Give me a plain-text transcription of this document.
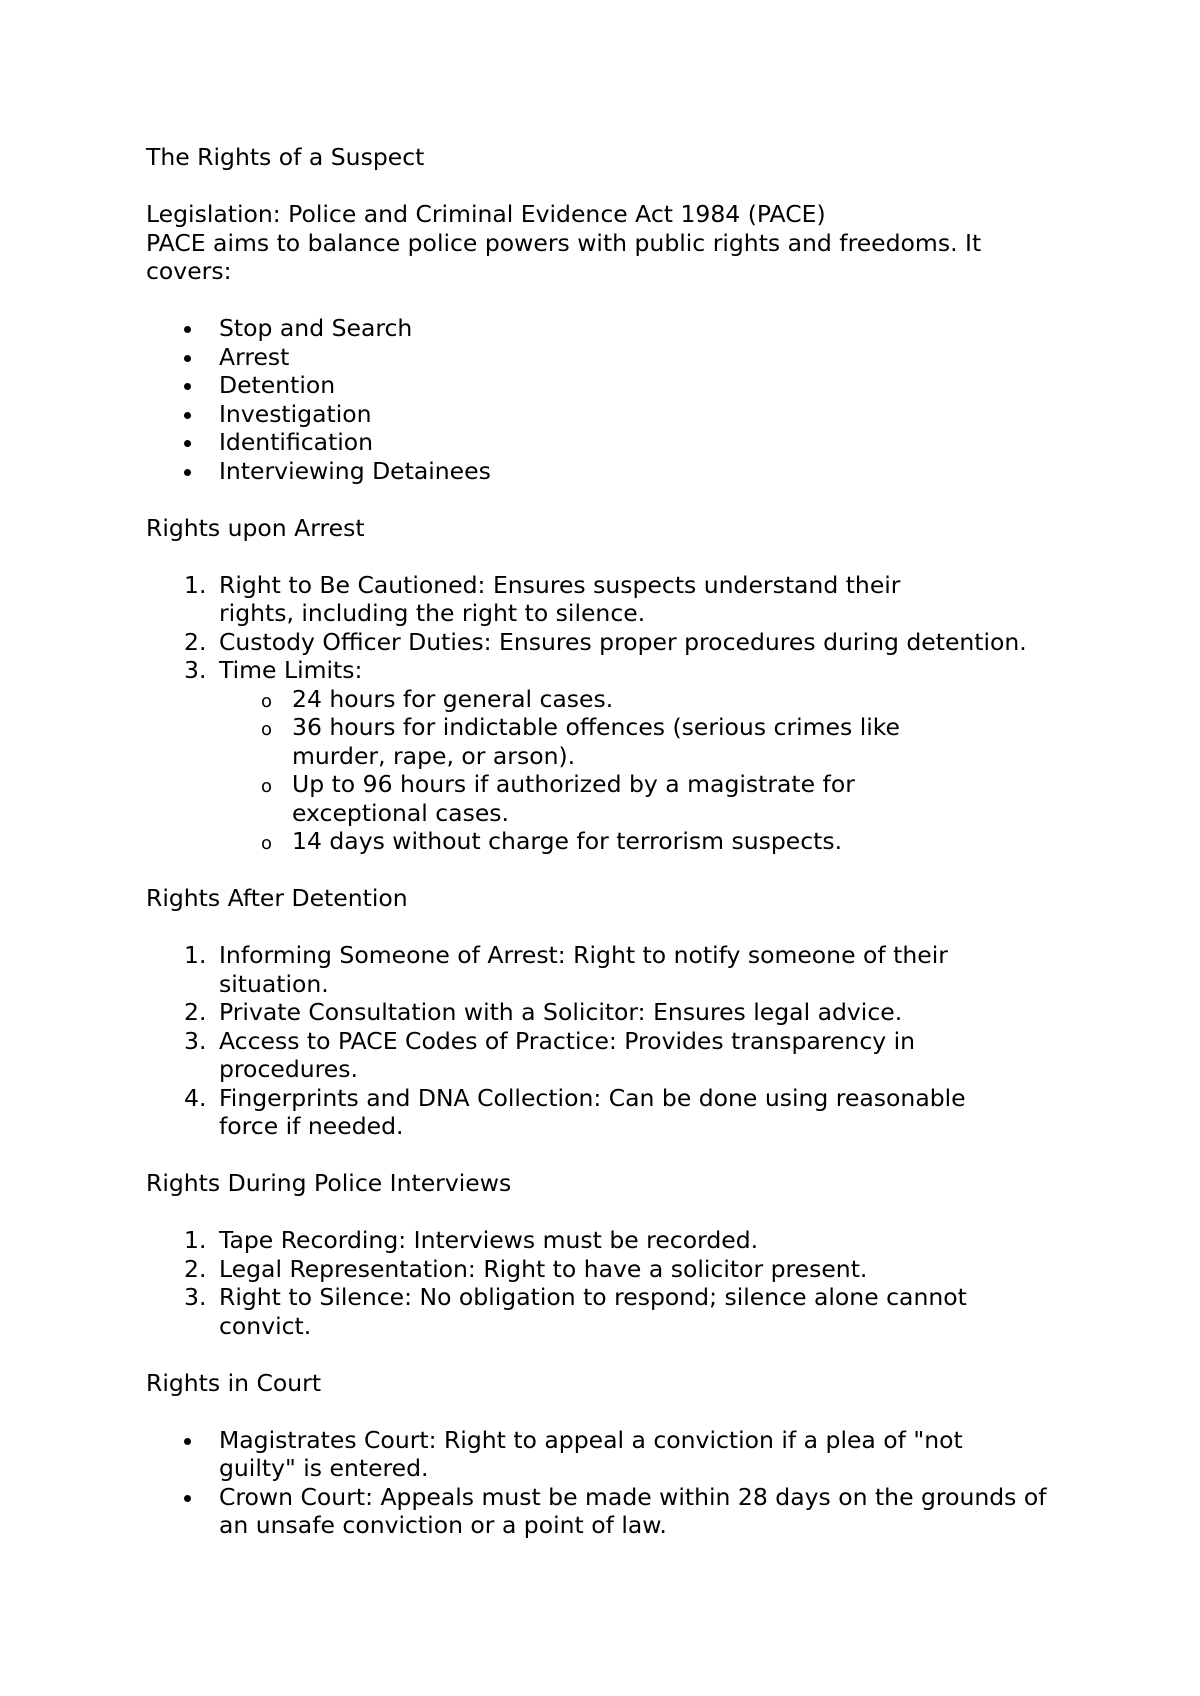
The Rights of a Suspect

Legislation: Police and Criminal Evidence Act 1984 (PACE)

PACE aims to balance police powers with public rights and freedoms. It covers:

Stop and Search
Arrest
Detention
Investigation
Identification
Interviewing Detainees

Rights upon Arrest

1. Right to Be Cautioned: Ensures suspects understand their rights, including the right to silence.
2. Custody Officer Duties: Ensures proper procedures during detention.
3. Time Limits:
o 24 hours for general cases.
o 36 hours for indictable offences (serious crimes like murder, rape, or arson).
o Up to 96 hours if authorized by a magistrate for exceptional cases.
o 14 days without charge for terrorism suspects.

Rights After Detention

1. Informing Someone of Arrest: Right to notify someone of their situation.
2. Private Consultation with a Solicitor: Ensures legal advice.
3. Access to PACE Codes of Practice: Provides transparency in procedures.
4. Fingerprints and DNA Collection: Can be done using reasonable force if needed.

Rights During Police Interviews

1. Tape Recording: Interviews must be recorded.
2. Legal Representation: Right to have a solicitor present.
3. Right to Silence: No obligation to respond; silence alone cannot convict.

Rights in Court

Magistrates Court: Right to appeal a conviction if a plea of "not guilty" is entered.
Crown Court: Appeals must be made within 28 days on the grounds of an unsafe conviction or a point of law.
